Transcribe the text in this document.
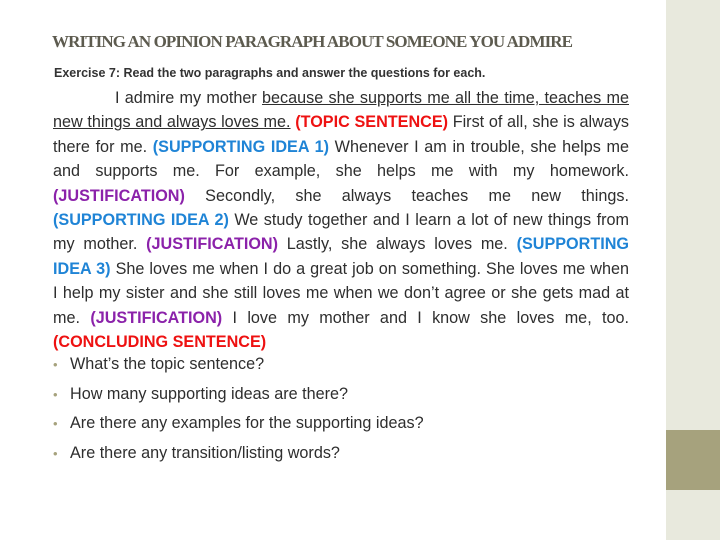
WRITING AN OPINION PARAGRAPH ABOUT SOMEONE YOU ADMIRE
Exercise 7: Read the two paragraphs and answer the questions for each.

I admire my mother because she supports me all the time, teaches me new things and always loves me. (TOPIC SENTENCE) First of all, she is always there for me. (SUPPORTING IDEA 1) Whenever I am in trouble, she helps me and supports me. For example, she helps me with my homework. (JUSTIFICATION) Secondly, she always teaches me new things. (SUPPORTING IDEA 2) We study together and I learn a lot of new things from my mother. (JUSTIFICATION) Lastly, she always loves me. (SUPPORTING IDEA 3) She loves me when I do a great job on something. She loves me when I help my sister and she still loves me when we don’t agree or she gets mad at me. (JUSTIFICATION) I love my mother and I know she loves me, too. (CONCLUDING SENTENCE)

• What’s the topic sentence?
• How many supporting ideas are there?
• Are there any examples for the supporting ideas?
• Are there any transition/listing words?
